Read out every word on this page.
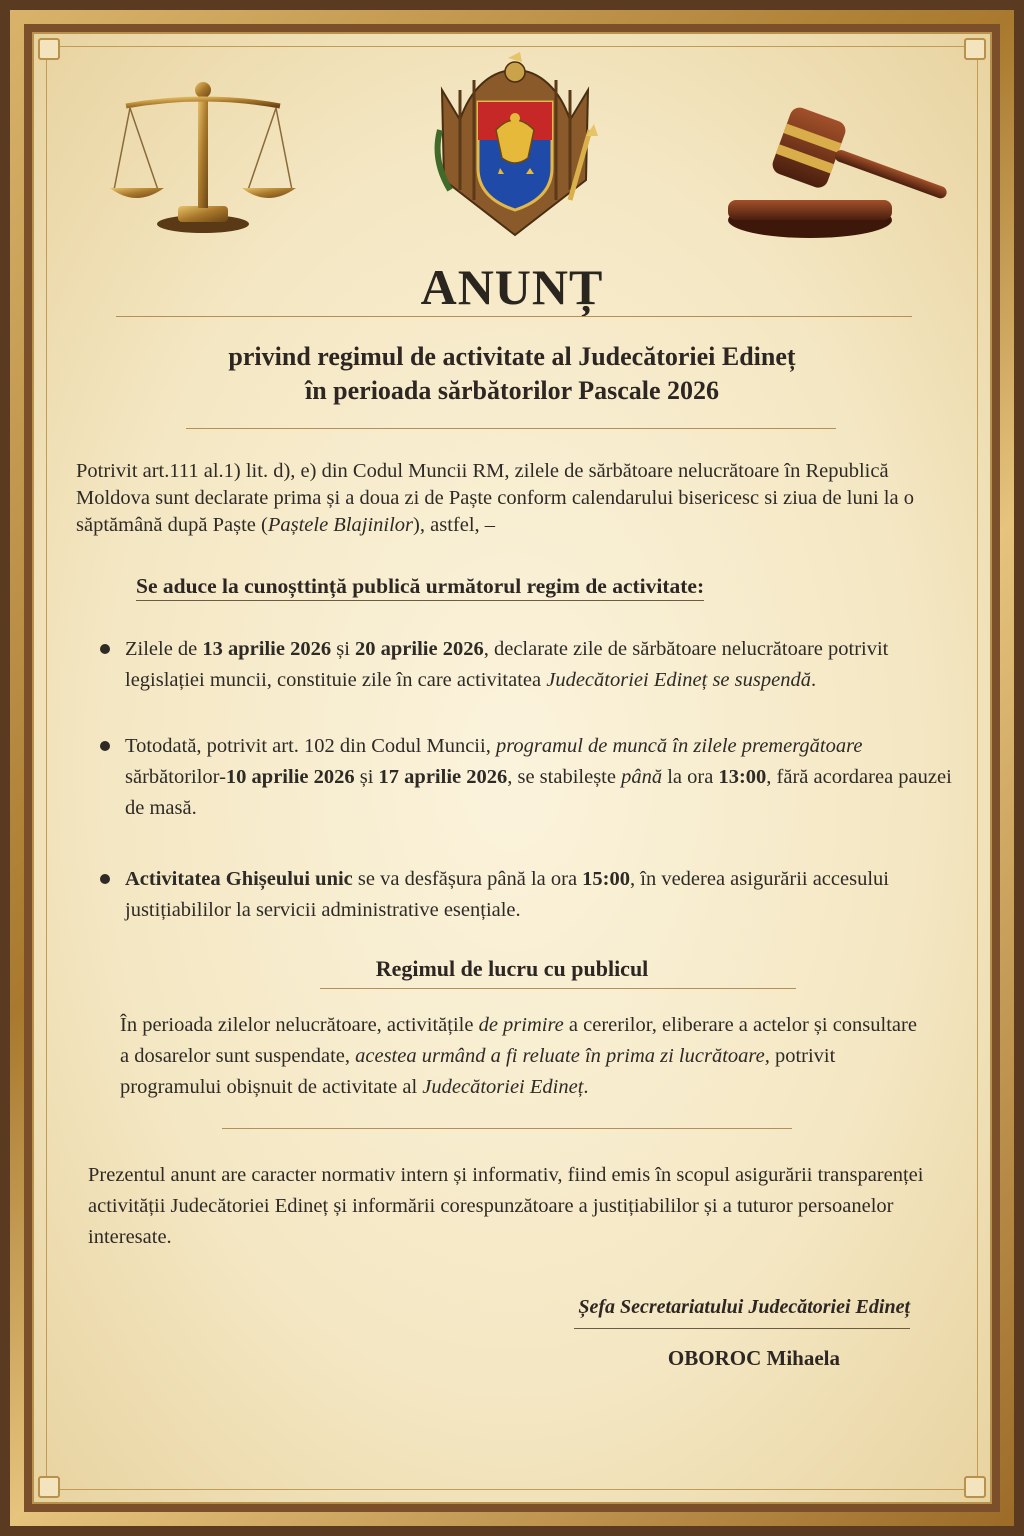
ANUNȚ
privind regimul de activitate al Judecătoriei Edineț
în perioada sărbătorilor Pascale 2026
Potrivit art.111 al.1) lit. d), e) din Codul Muncii RM, zilele de sărbătoare nelucrătoare în Republică Moldova sunt declarate prima și a doua zi de Paște conform calendarului bisericesc si ziua de luni la o săptămână după Paște (Paștele Blajinilor), astfel, –
Se aduce la cunoșttință publică următorul regim de activitate:
Zilele de 13 aprilie 2026 și 20 aprilie 2026, declarate zile de sărbătoare nelucrătoare potrivit legislației muncii, constituie zile în care activitatea Judecătoriei Edineț se suspendă.
Totodată, potrivit art. 102 din Codul Muncii, programul de muncă în zilele premergătoare sărbătorilor-10 aprilie 2026 și 17 aprilie 2026, se stabilește până la ora 13:00, fără acordarea pauzei de masă.
Activitatea Ghișeului unic se va desfășura până la ora 15:00, în vederea asigurării accesului justițiabililor la servicii administrative esențiale.
Regimul de lucru cu publicul
În perioada zilelor nelucrătoare, activitățile de primire a cererilor, eliberare a actelor și consultare a dosarelor sunt suspendate, acestea urmând a fi reluate în prima zi lucrătoare, potrivit programului obișnuit de activitate al Judecătoriei Edineț.
Prezentul anunt are caracter normativ intern și informativ, fiind emis în scopul asigurării transparenței activității Judecătoriei Edineț și informării corespunzătoare a justițiabililor și a tuturor persoanelor interesate.
Șefa Secretariatului Judecătoriei Edineț
OBOROC Mihaela
